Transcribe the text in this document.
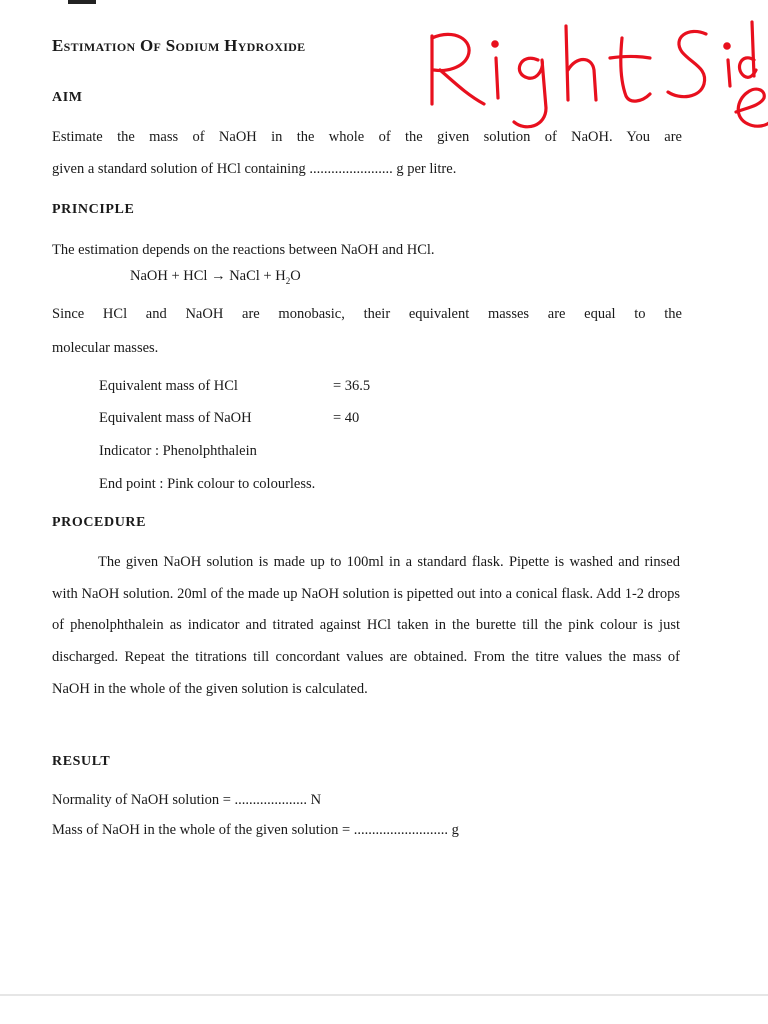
Estimation Of Sodium Hydroxide
AIM
Estimate the mass of NaOH in the whole of the given solution of NaOH. You are
given a standard solution of HCl containing ....................... g per litre.
PRINCIPLE
The estimation depends on the reactions between NaOH and HCl.
NaOH + HCl → NaCl + $H_2O$
Since HCl and NaOH are monobasic, their equivalent masses are equal to the
molecular masses.
Equivalent mass of HCl	= 36.5
Equivalent mass of NaOH	= 40
Indicator : Phenolphthalein
End point : Pink colour to colourless.
PROCEDURE

The given NaOH solution is made up to 100ml in a standard flask. Pipette is washed and rinsed with NaOH solution. 20ml of the made up NaOH solution is pipetted out into a conical flask. Add 1-2 drops of phenolphthalein as indicator and titrated against HCl taken in the burette till the pink colour is just discharged. Repeat the titrations till concordant values are obtained. From the titre values the mass of NaOH in the whole of the given solution is calculated.

RESULT
Normality of NaOH solution = .................... N
Mass of NaOH in the whole of the given solution = .......................... g
